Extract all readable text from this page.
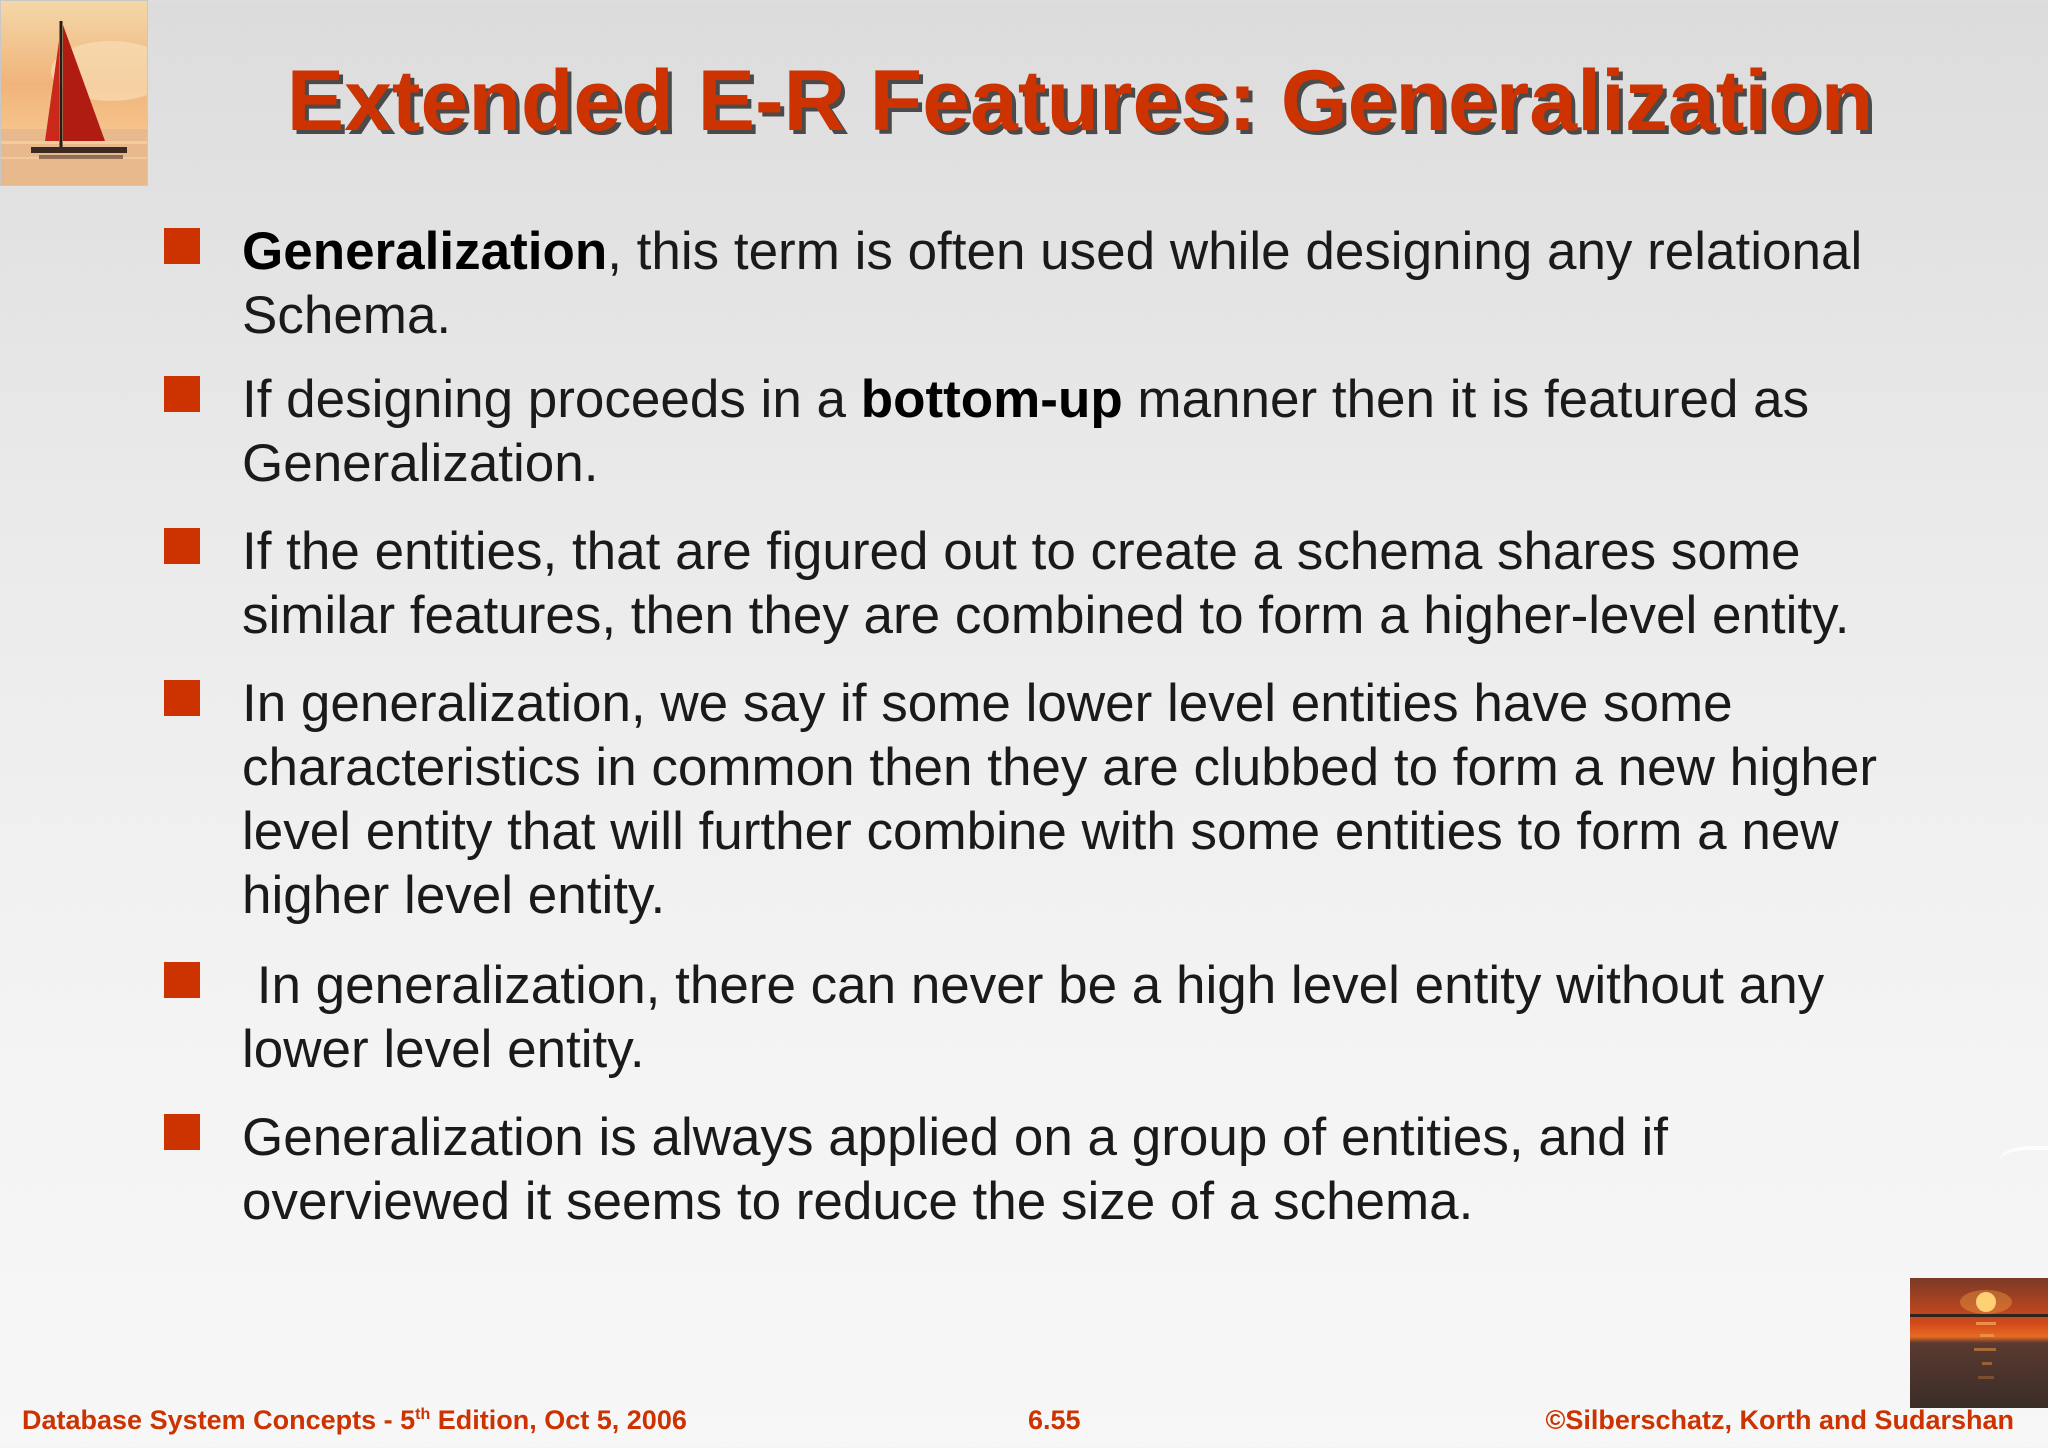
Extended E-R Features: Generalization
Generalization, this term is often used while designing any relational Schema.
If designing proceeds in a bottom-up manner then it is featured as Generalization.
If the entities, that are figured out to create a schema shares some similar features, then they are combined to form a higher-level entity.
In generalization, we say if some lower level entities have some characteristics in common then they are clubbed to form a new higher level entity that will further combine with some entities to form a new higher level entity.
In generalization, there can never be a high level entity without any lower level entity.
Generalization is always applied on a group of entities, and if overviewed it seems to reduce the size of a schema.
Database System Concepts - 5th Edition, Oct 5, 2006	6.55	©Silberschatz, Korth and Sudarshan
